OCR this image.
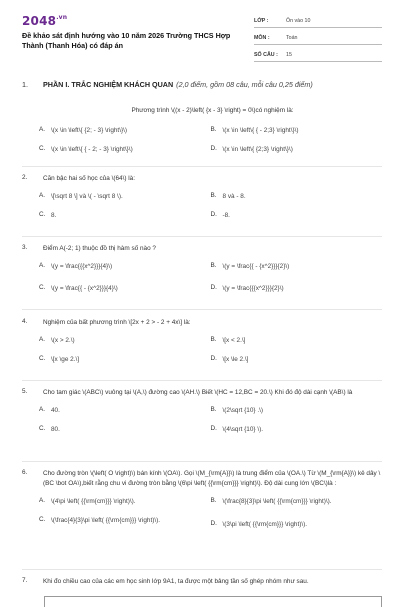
$2048^{.vn}$
Đề khảo sát định hướng vào 10 năm 2026 Trường THCS Hợp Thành (Thanh Hóa) có đáp án
LỚP :	Ôn vào 10
MÔN :	Toán
SỐ CÂU :	15
1. PHẦN I. TRẮC NGHIỆM KHÁCH QUAN (2,0 điểm, gồm 08 câu, mỗi câu 0,25 điểm)
Phương trình \((x - 2)\left( {x - 3} \right) = 0\)có nghiệm là:
A. \(x \in \left\{ {2; - 3} \right\}\)	B. \(x \in \left\{ { - 2;3} \right\}\)
C. \(x \in \left\{ { - 2; - 3} \right\}\)	D. \(x \in \left\{ {2;3} \right\}\)
2.	Căn bậc hai số học của \(64\) là:
A. \[\sqrt 8 \] và \( - \sqrt 8 \).	B. 8 và - 8.
C. 8.	D. -8.
3.	Điểm A(-2; 1) thuộc đồ thị hàm số nào ?
A. \(y = \frac{{{x^2}}}{4}\)	B. \(y = \frac{{ - {x^2}}}{2}\)
C. \(y = \frac{{ - {x^2}}}{4}\)	D. \(y = \frac{{{x^2}}}{2}\)
4.	Nghiệm của bất phương trình \[2x + 2 > - 2 + 4x\] là:
A. \(x > 2.\)	B. \[x < 2.\]
C. \[x \ge 2.\]	D. \[x \le 2.\]
5.	Cho tam giác \(ABC\) vuông tại \(A,\) đường cao \(AH.\) Biết \(HC = 12,BC = 20.\) Khi đó độ dài cạnh \(AB\) là
A. 40.	B. \(2\sqrt {10} .\)
C. 80.	D. \(4\sqrt {10} \).
6.	Cho đường tròn \(\left( O \right)\) bán kính \(OA\). Gọi \(M_{\rm{A}}\) là trung điểm của \(OA.\) Từ \(M_{\rm{A}}\) kẻ dây \(BC \bot OA\),biết rằng chu vi đường tròn bằng \(6\pi \left( {{\rm{cm}}} \right)\). Độ dài cung lớn \(BC\)là :
A. \(4\pi \left( {{\rm{cm}}} \right)\).	B. \(\frac{8}{3}\pi \left( {{\rm{cm}}} \right)\).
C. \(\frac{4}{3}\pi \left( {{\rm{cm}}} \right)\).	D. \(3\pi \left( {{\rm{cm}}} \right)\).
7.	Khi đo chiều cao của các em học sinh lớp 9A1, ta được một bảng tần số ghép nhóm như sau.
